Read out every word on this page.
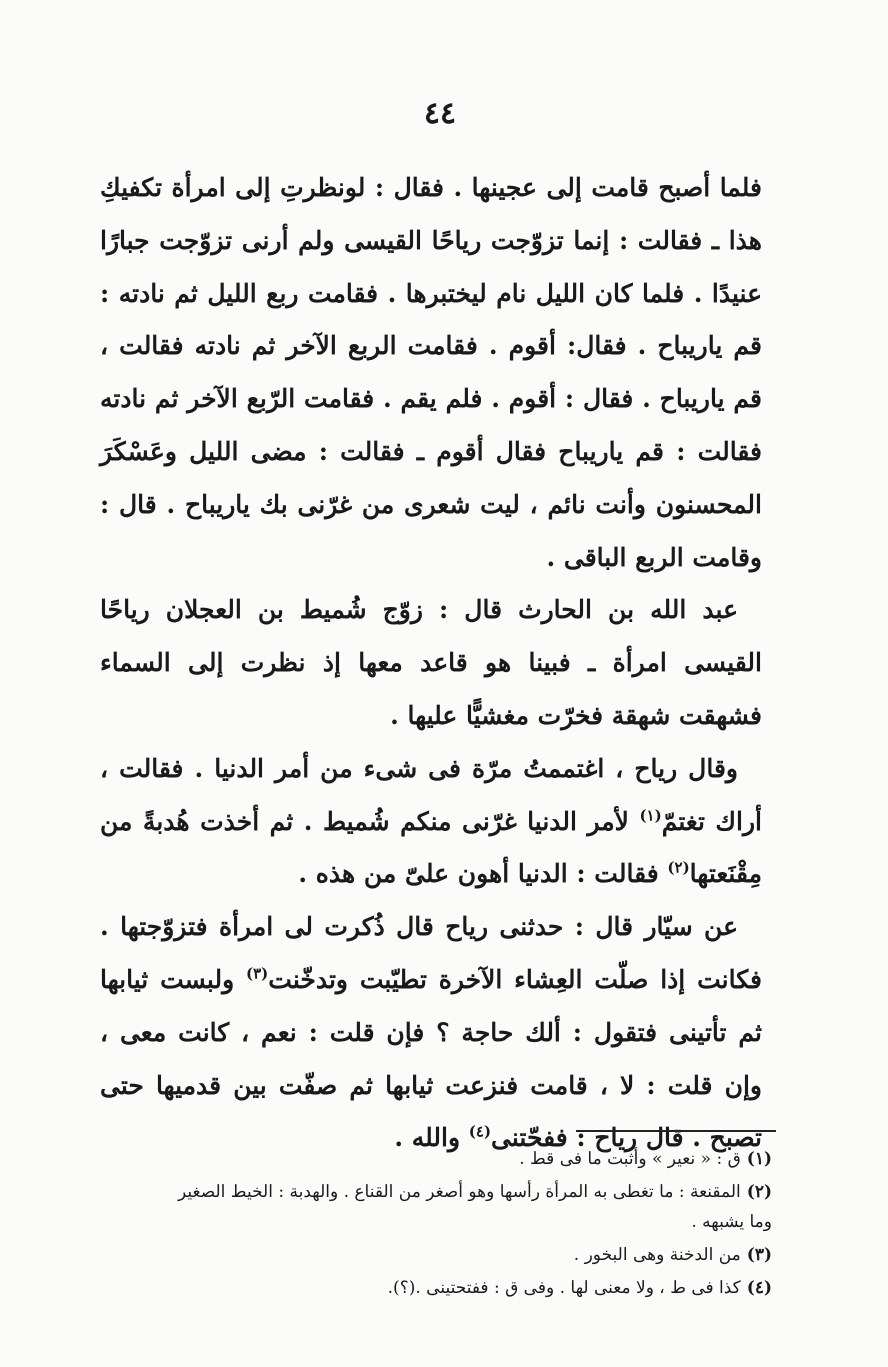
٤٤

فلما أصبح قامت إلى عجينها . فقال : لونظرتِ إلى امرأة تكفيكِ هذا ـ فقالت : إنما تزوّجت رياحًا القيسى ولم أرنى تزوّجت جبارًا عنيدًا . فلما كان الليل نام ليختبرها . فقامت ربع الليل ثم نادته : قم ياريباح . فقال: أقوم . فقامت الربع الآخر ثم نادته فقالت ، قم ياريباح . فقال : أقوم . فلم يقم . فقامت الرّبع الآخر ثم نادته فقالت : قم ياريباح فقال أقوم ـ فقالت : مضى الليل وعَسْكَرَ المحسنون وأنت نائم ، ليت شعرى من غرّنى بك ياريباح . قال : وقامت الربع الباقى .

عبد الله بن الحارث قال : زوّج شُميط بن العجلان رياحًا القيسى امرأة ـ فبينا هو قاعد معها إذ نظرت إلى السماء فشهقت شهقة فخرّت مغشيًّا عليها .

وقال رياح ، اغتممتُ مرّة فى شىء من أمر الدنيا . فقالت ، أراك تغتمّ$^{(١)}$ لأمر الدنيا غرّنى منكم شُميط . ثم أخذت هُدبةً من مِقْنَعتها$^{(٢)}$ فقالت : الدنيا أهون علىّ من هذه .

عن سيّار قال : حدثنى رياح قال ذُكرت لى امرأة فتزوّجتها . فكانت إذا صلّت العِشاء الآخرة تطيّبت وتدخّنت$^{(٣)}$ ولبست ثيابها ثم تأتينى فتقول : ألك حاجة ؟ فإن قلت : نعم ، كانت معى ، وإن قلت : لا ، قامت فنزعت ثيابها ثم صفّت بين قدميها حتى تصبح . قال رياح : ففحّتنى$^{(٤)}$ والله .

(١)ق : « نعير » وأثبت ما فى قط .

(٢)المقنعة : ما تغطى به المرأة رأسها وهو أصغر من القناع . والهدبة : الخيط الصغير وما يشبهه .

(٣)من الدخنة وهى البخور .

(٤)كذا فى ط ، ولا معنى لها . وفى ق : ففتحتينى .(؟).
